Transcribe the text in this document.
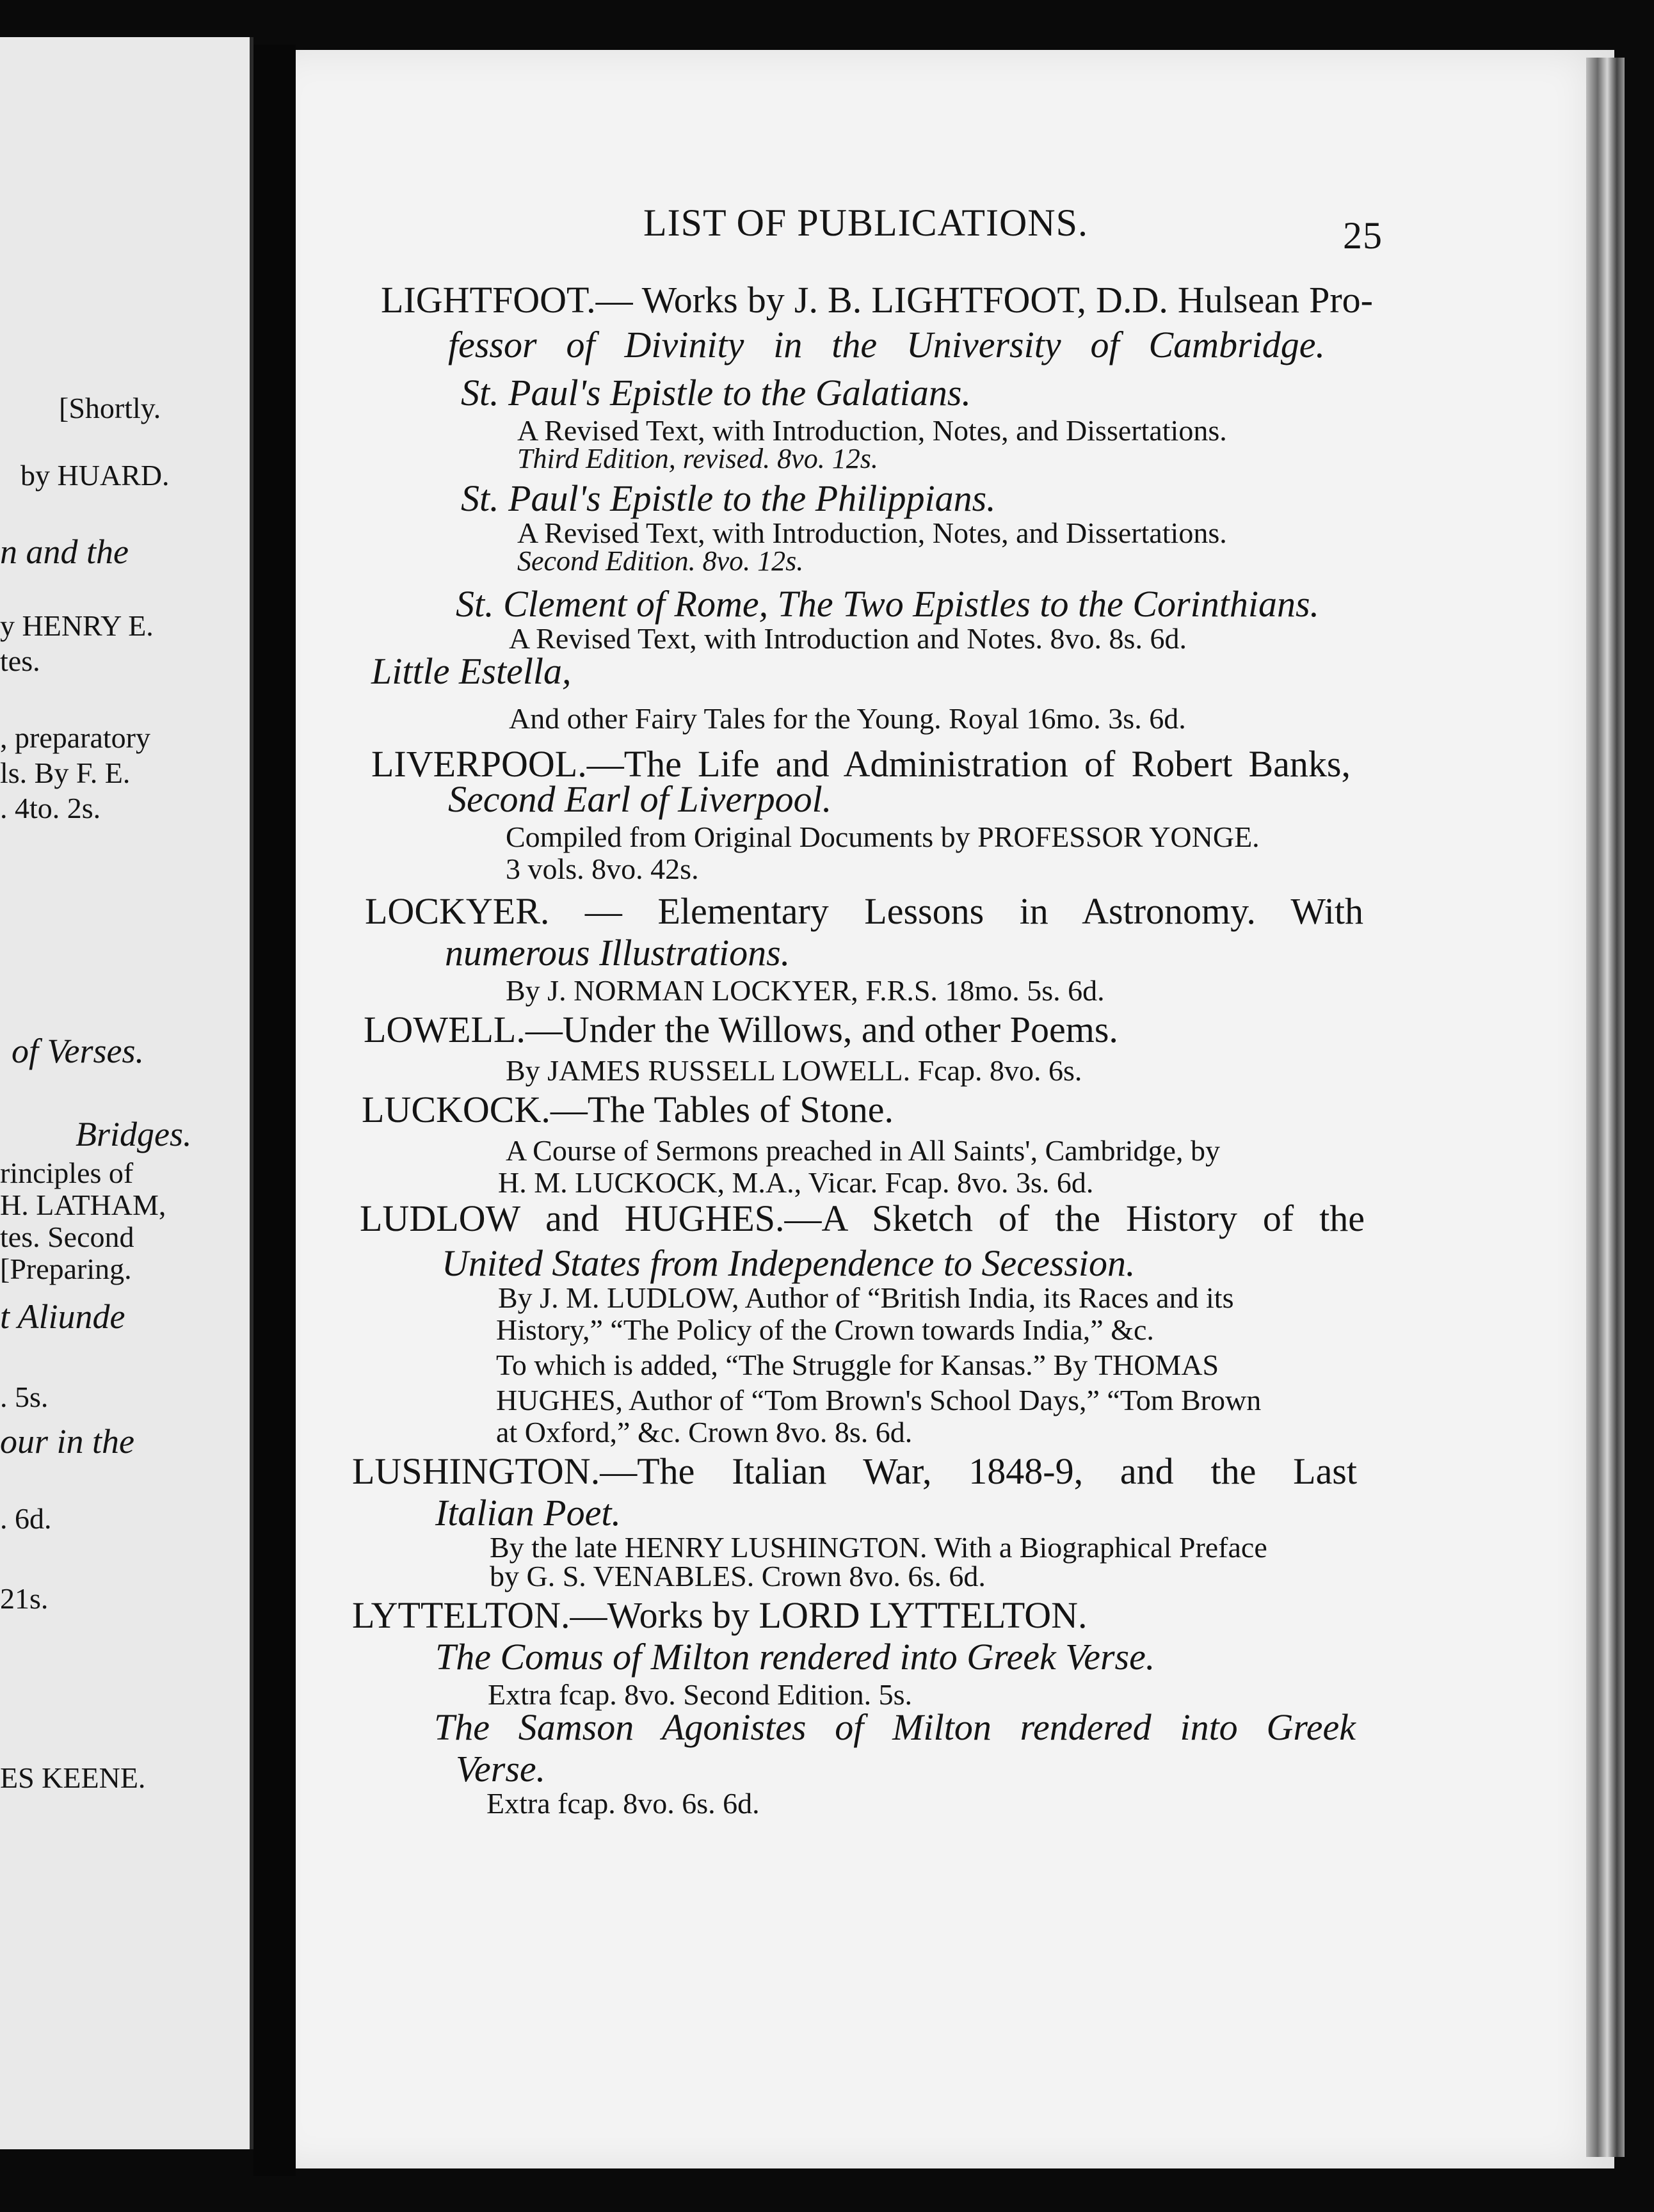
[Shortly.
by HUARD.
n and the
y HENRY E.
tes.
, preparatory
ls. By F. E.
. 4to. 2s.
of Verses.
Bridges.
rinciples of
H. LATHAM,
tes. Second
[Preparing.
t Aliunde
. 5s.
our in the
. 6d.
21s.
ES KEENE.
LIST OF PUBLICATIONS.	25
LIGHTFOOT.— Works by J. B. LIGHTFOOT, D.D. Hulsean Pro-
fessor of Divinity in the University of Cambridge.
St. Paul's Epistle to the Galatians.
A Revised Text, with Introduction, Notes, and Dissertations.
Third Edition, revised. 8vo. 12s.
St. Paul's Epistle to the Philippians.
A Revised Text, with Introduction, Notes, and Dissertations.
Second Edition. 8vo. 12s.
St. Clement of Rome, The Two Epistles to the Corinthians.
A Revised Text, with Introduction and Notes. 8vo. 8s. 6d.
Little Estella,
And other Fairy Tales for the Young. Royal 16mo. 3s. 6d.
LIVERPOOL.—The Life and Administration of Robert Banks,
Second Earl of Liverpool.
Compiled from Original Documents by PROFESSOR YONGE.
3 vols. 8vo. 42s.
LOCKYER. — Elementary Lessons in Astronomy. With
numerous Illustrations.
By J. NORMAN LOCKYER, F.R.S. 18mo. 5s. 6d.
LOWELL.—Under the Willows, and other Poems.
By JAMES RUSSELL LOWELL. Fcap. 8vo. 6s.
LUCKOCK.—The Tables of Stone.
A Course of Sermons preached in All Saints', Cambridge, by
H. M. LUCKOCK, M.A., Vicar. Fcap. 8vo. 3s. 6d.
LUDLOW and HUGHES.—A Sketch of the History of the
United States from Independence to Secession.
By J. M. LUDLOW, Author of “British India, its Races and its
History,” “The Policy of the Crown towards India,” &c.
To which is added, “The Struggle for Kansas.” By THOMAS
HUGHES, Author of “Tom Brown's School Days,” “Tom Brown
at Oxford,” &c. Crown 8vo. 8s. 6d.
LUSHINGTON.—The Italian War, 1848-9, and the Last
Italian Poet.
By the late HENRY LUSHINGTON. With a Biographical Preface
by G. S. VENABLES. Crown 8vo. 6s. 6d.
LYTTELTON.—Works by LORD LYTTELTON.
The Comus of Milton rendered into Greek Verse.
Extra fcap. 8vo. Second Edition. 5s.
The Samson Agonistes of Milton rendered into Greek
Verse.
Extra fcap. 8vo. 6s. 6d.
